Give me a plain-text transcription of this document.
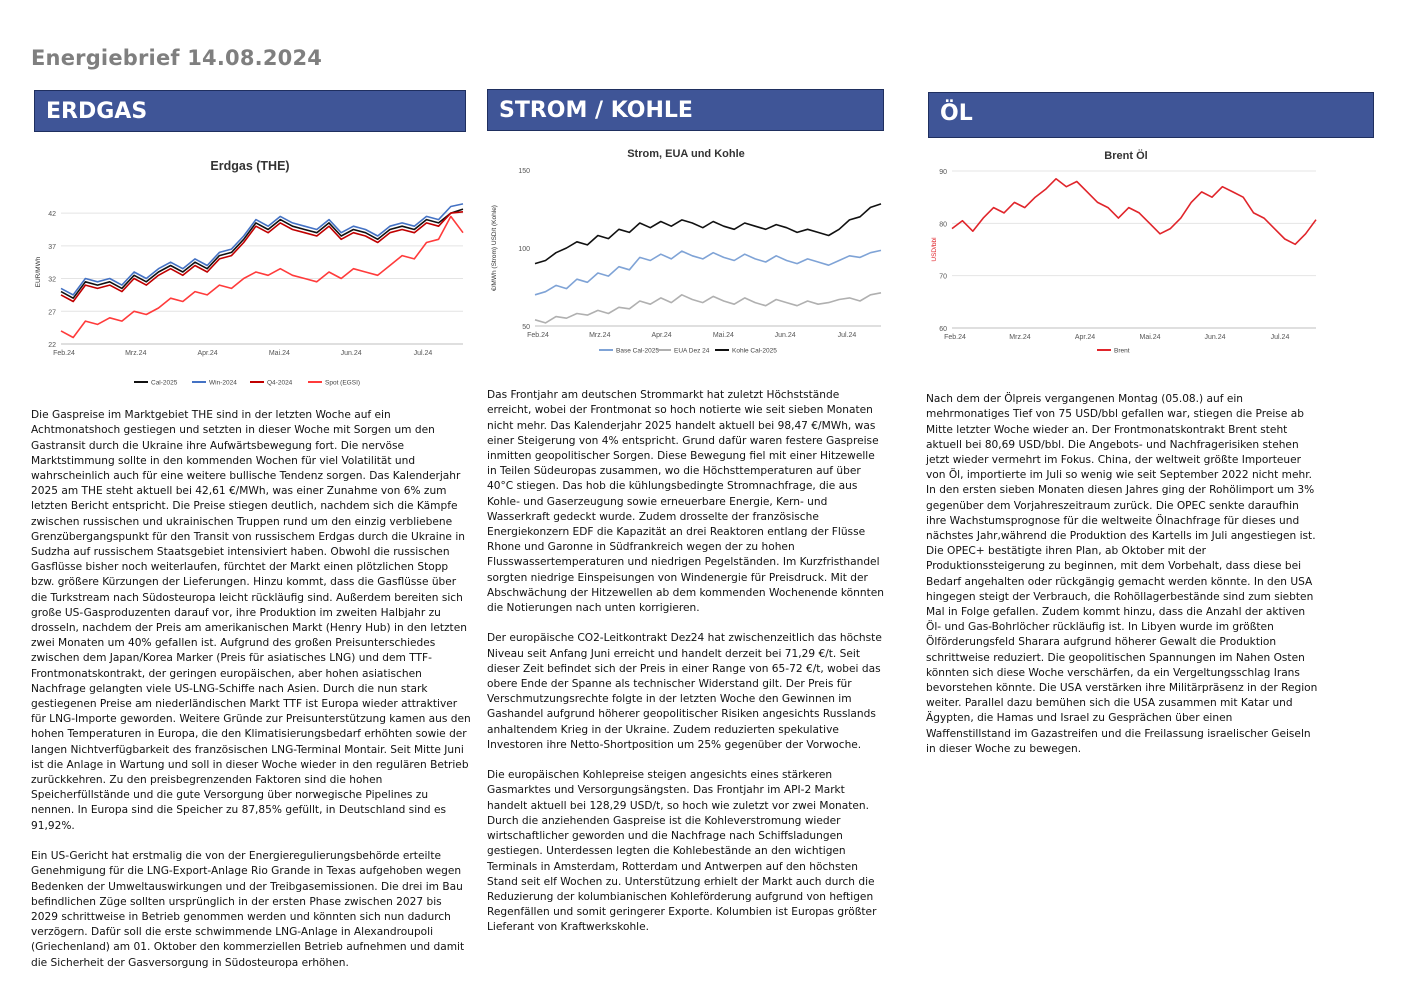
Energiebrief 14.08.2024
ERDGAS	STROM / KOHLE	ÖL
Erdgas (THE)
22
27
32
37
42
EUR/MWh
Feb.24	Mrz.24	Apr.24	Mai.24	Jun.24	Jul.24
Cal-2025	Win-2024	Q4-2024	Spot (EGSI)
Strom, EUA und Kohle
50
100
150
€/MWh (Strom) USD/t (Kohle)
Feb.24	Mrz.24	Apr.24	Mai.24	Jun.24	Jul.24
Base Cal-2025 EUA Dez 24	Kohle Cal-2025
Brent Öl
60
70
80
90
USD/bbl
Feb.24	Mrz.24	Apr.24	Mai.24	Jun.24	Jul.24
Brent

Die Gaspreise im Marktgebiet THE sind in der letzten Woche auf ein Achtmonatshoch gestiegen und setzten in dieser Woche mit Sorgen um den Gastransit durch die Ukraine ihre Aufwärtsbewegung fort. Die nervöse Marktstimmung sollte in den kommenden Wochen für viel Volatilität und wahrscheinlich auch für eine weitere bullische Tendenz sorgen. Das Kalenderjahr 2025 am THE steht aktuell bei 42,61 €/MWh, was einer Zunahme von 6% zum letzten Bericht entspricht. Die Preise stiegen deutlich, nachdem sich die Kämpfe zwischen russischen und ukrainischen Truppen rund um den einzig verbliebene Grenzübergangspunkt für den Transit von russischem Erdgas durch die Ukraine in Sudzha auf russischem Staatsgebiet intensiviert haben. Obwohl die russischen Gasflüsse bisher noch weiterlaufen, fürchtet der Markt einen plötzlichen Stopp bzw. größere Kürzungen der Lieferungen. Hinzu kommt, dass die Gasflüsse über die Turkstream nach Südosteuropa leicht rückläufig sind. Außerdem bereiten sich große US-Gasproduzenten darauf vor, ihre Produktion im zweiten Halbjahr zu drosseln, nachdem der Preis am amerikanischen Markt (Henry Hub) in den letzten zwei Monaten um 40% gefallen ist. Aufgrund des großen Preisunterschiedes zwischen dem Japan/Korea Marker (Preis für asiatisches LNG) und dem TTF-Frontmonatskontrakt, der geringen europäischen, aber hohen asiatischen Nachfrage gelangten viele US-LNG-Schiffe nach Asien. Durch die nun stark gestiegenen Preise am niederländischen Markt TTF ist Europa wieder attraktiver für LNG-Importe geworden. Weitere Gründe zur Preisunterstützung kamen aus den hohen Temperaturen in Europa, die den Klimatisierungsbedarf erhöhten sowie der langen Nichtverfügbarkeit des französischen LNG-Terminal Montair. Seit Mitte Juni ist die Anlage in Wartung und soll in dieser Woche wieder in den regulären Betrieb zurückkehren. Zu den preisbegrenzenden Faktoren sind die hohen Speicherfüllstände und die gute Versorgung über norwegische Pipelines zu nennen. In Europa sind die Speicher zu 87,85% gefüllt, in Deutschland sind es 91,92%.

Ein US-Gericht hat erstmalig die von der Energieregulierungsbehörde erteilte Genehmigung für die LNG-Export-Anlage Rio Grande in Texas aufgehoben wegen Bedenken der Umweltauswirkungen und der Treibgasemissionen. Die drei im Bau befindlichen Züge sollten ursprünglich in der ersten Phase zwischen 2027 bis 2029 schrittweise in Betrieb genommen werden und könnten sich nun dadurch verzögern. Dafür soll die erste schwimmende LNG-Anlage in Alexandroupoli (Griechenland) am 01. Oktober den kommerziellen Betrieb aufnehmen und damit die Sicherheit der Gasversorgung in Südosteuropa erhöhen.

Das Frontjahr am deutschen Strommarkt hat zuletzt Höchststände erreicht, wobei der Frontmonat so hoch notierte wie seit sieben Monaten nicht mehr. Das Kalenderjahr 2025 handelt aktuell bei 98,47 €/MWh, was einer Steigerung von 4% entspricht. Grund dafür waren festere Gaspreise inmitten geopolitischer Sorgen. Diese Bewegung fiel mit einer Hitzewelle in Teilen Südeuropas zusammen, wo die Höchsttemperaturen auf über 40°C stiegen. Das hob die kühlungsbedingte Stromnachfrage, die aus Kohle- und Gaserzeugung sowie erneuerbare Energie, Kern- und Wasserkraft gedeckt wurde. Zudem drosselte der französische Energiekonzern EDF die Kapazität an drei Reaktoren entlang der Flüsse Rhone und Garonne in Südfrankreich wegen der zu hohen Flusswassertemperaturen und niedrigen Pegelständen. Im Kurzfristhandel sorgten niedrige Einspeisungen von Windenergie für Preisdruck. Mit der Abschwächung der Hitzewellen ab dem kommenden Wochenende könnten die Notierungen nach unten korrigieren.

Der europäische CO2-Leitkontrakt Dez24 hat zwischenzeitlich das höchste Niveau seit Anfang Juni erreicht und handelt derzeit bei 71,29 €/t. Seit dieser Zeit befindet sich der Preis in einer Range von 65-72 €/t, wobei das obere Ende der Spanne als technischer Widerstand gilt. Der Preis für Verschmutzungsrechte folgte in der letzten Woche den Gewinnen im Gashandel aufgrund höherer geopolitischer Risiken angesichts Russlands anhaltendem Krieg in der Ukraine. Zudem reduzierten spekulative Investoren ihre Netto-Shortposition um 25% gegenüber der Vorwoche.

Die europäischen Kohlepreise steigen angesichts eines stärkeren Gasmarktes und Versorgungsängsten. Das Frontjahr im API-2 Markt handelt aktuell bei 128,29 USD/t, so hoch wie zuletzt vor zwei Monaten. Durch die anziehenden Gaspreise ist die Kohleverstromung wieder wirtschaftlicher geworden und die Nachfrage nach Schiffsladungen gestiegen. Unterdessen legten die Kohlebestände an den wichtigen Terminals in Amsterdam, Rotterdam und Antwerpen auf den höchsten Stand seit elf Wochen zu. Unterstützung erhielt der Markt auch durch die Reduzierung der kolumbianischen Kohleförderung aufgrund von heftigen Regenfällen und somit geringerer Exporte. Kolumbien ist Europas größter Lieferant von Kraftwerkskohle.

Nach dem der Ölpreis vergangenen Montag (05.08.) auf ein mehrmonatiges Tief von 75 USD/bbl gefallen war, stiegen die Preise ab Mitte letzter Woche wieder an. Der Frontmonatskontrakt Brent steht aktuell bei 80,69 USD/bbl. Die Angebots- und Nachfragerisiken stehen jetzt wieder vermehrt im Fokus. China, der weltweit größte Importeuer von Öl, importierte im Juli so wenig wie seit September 2022 nicht mehr. In den ersten sieben Monaten diesen Jahres ging der Rohölimport um 3% gegenüber dem Vorjahreszeitraum zurück. Die OPEC senkte daraufhin ihre Wachstumsprognose für die weltweite Ölnachfrage für dieses und nächstes Jahr,während die Produktion des Kartells im Juli angestiegen ist. Die OPEC+ bestätigte ihren Plan, ab Oktober mit der Produktionssteigerung zu beginnen, mit dem Vorbehalt, dass diese bei Bedarf angehalten oder rückgängig gemacht werden könnte. In den USA hingegen steigt der Verbrauch, die Rohöllagerbestände sind zum siebten Mal in Folge gefallen. Zudem kommt hinzu, dass die Anzahl der aktiven Öl- und Gas-Bohrlöcher rückläufig ist. In Libyen wurde im größten Ölförderungsfeld Sharara aufgrund höherer Gewalt die Produktion schrittweise reduziert. Die geopolitischen Spannungen im Nahen Osten könnten sich diese Woche verschärfen, da ein Vergeltungsschlag Irans bevorstehen könnte. Die USA verstärken ihre Militärpräsenz in der Region weiter. Parallel dazu bemühen sich die USA zusammen mit Katar und Ägypten, die Hamas und Israel zu Gesprächen über einen Waffenstillstand im Gazastreifen und die Freilassung israelischer Geiseln in dieser Woche zu bewegen.
